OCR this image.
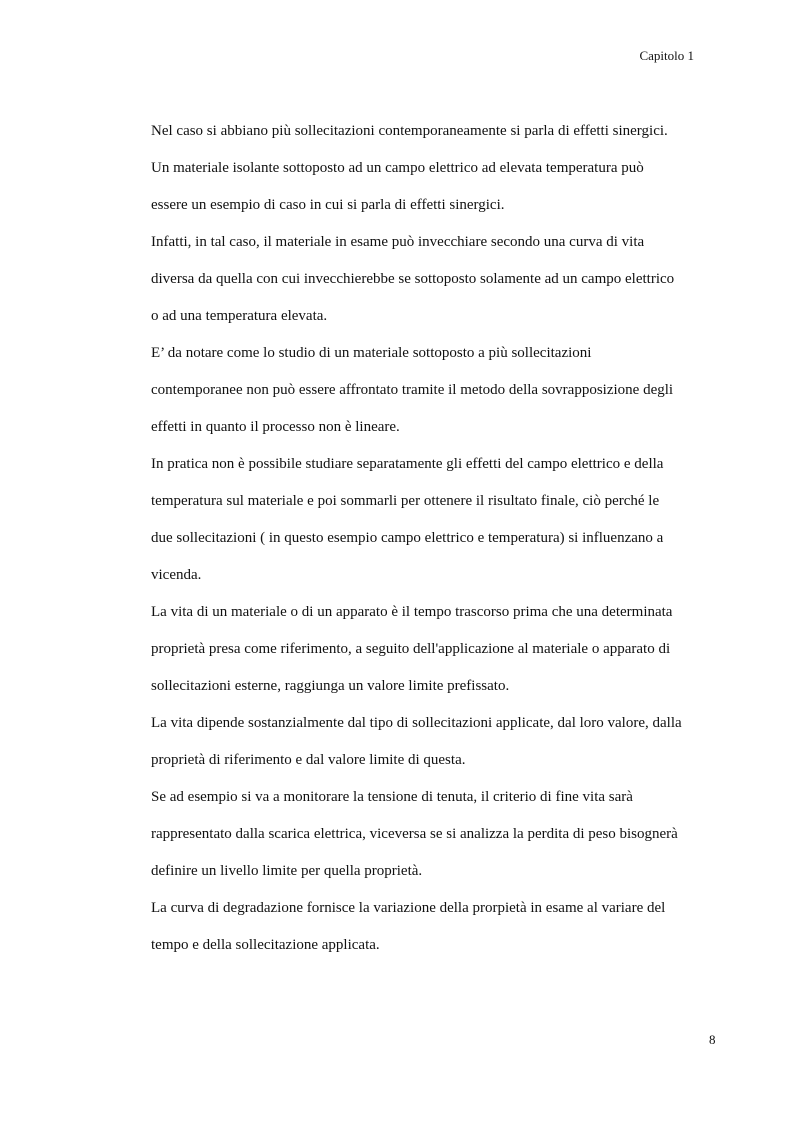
Capitolo 1

Nel caso si abbiano più sollecitazioni contemporaneamente si parla di effetti sinergici.
Un materiale isolante sottoposto ad un campo elettrico ad elevata temperatura può
essere un esempio di caso in cui si parla di effetti sinergici.
Infatti, in tal caso, il materiale in esame può invecchiare secondo una curva di vita
diversa da quella con cui invecchierebbe se sottoposto solamente ad un campo elettrico
o ad una temperatura elevata.
E’ da notare come lo studio di un materiale sottoposto a più sollecitazioni
contemporanee non può essere affrontato tramite il metodo della sovrapposizione degli
effetti in quanto il processo non è lineare.
In pratica non è possibile studiare separatamente gli effetti del campo elettrico e della
temperatura sul materiale e poi sommarli per ottenere il risultato finale, ciò perché le
due sollecitazioni ( in questo esempio campo elettrico e temperatura) si influenzano a
vicenda.
La vita di un materiale o di un apparato è il tempo trascorso prima che una determinata
proprietà presa come riferimento, a seguito dell'applicazione al materiale o apparato di
sollecitazioni esterne, raggiunga un valore limite prefissato.
La vita dipende sostanzialmente dal tipo di sollecitazioni applicate, dal loro valore, dalla
proprietà di riferimento e dal valore limite di questa.
Se ad esempio si va a monitorare la tensione di tenuta, il criterio di fine vita sarà
rappresentato dalla scarica elettrica, viceversa se si analizza la perdita di peso bisognerà
definire un livello limite per quella proprietà.
La curva di degradazione fornisce la variazione della prorpietà in esame al variare del
tempo e della sollecitazione applicata.

8
